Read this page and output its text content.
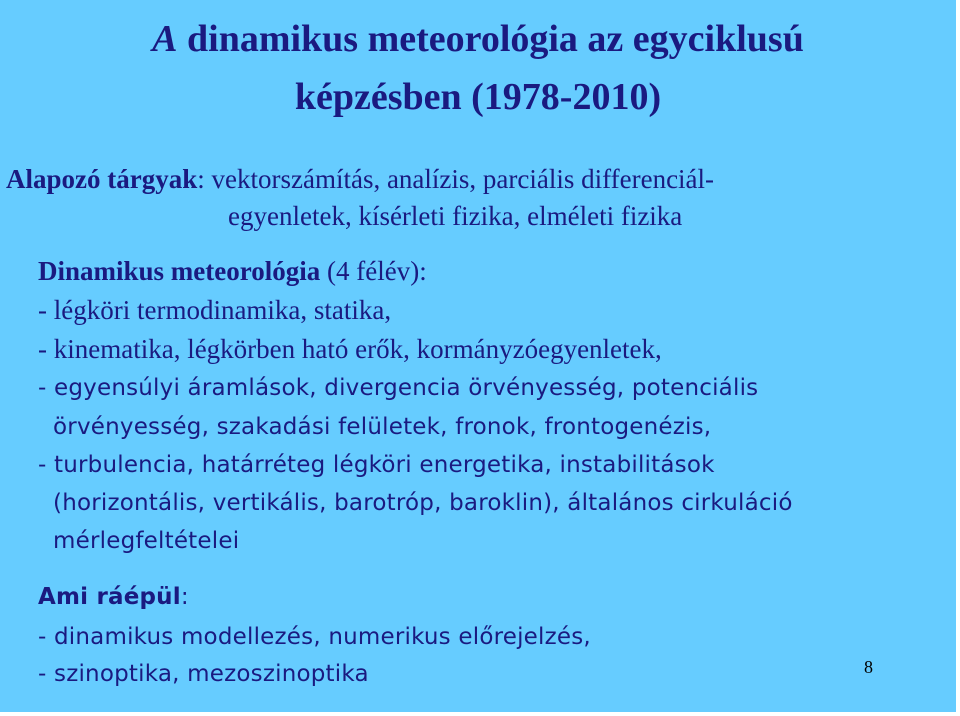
A dinamikus meteorológia az egyciklusú
képzésben (1978-2010)
Alapozó tárgyak: vektorszámítás, analízis, parciális differenciál-
egyenletek, kísérleti fizika, elméleti fizika
Dinamikus meteorológia (4 félév):
- légköri termodinamika, statika,
- kinematika, légkörben ható erők, kormányzóegyenletek,
- egyensúlyi áramlások, divergencia örvényesség, potenciális
örvényesség, szakadási felületek, fronok, frontogenézis,
- turbulencia, határréteg légköri energetika, instabilitások
(horizontális, vertikális, barotróp, baroklin), általános cirkuláció
mérlegfeltételei
Ami ráépül:
- dinamikus modellezés, numerikus előrejelzés,
- szinoptika, mezoszinoptika	8
